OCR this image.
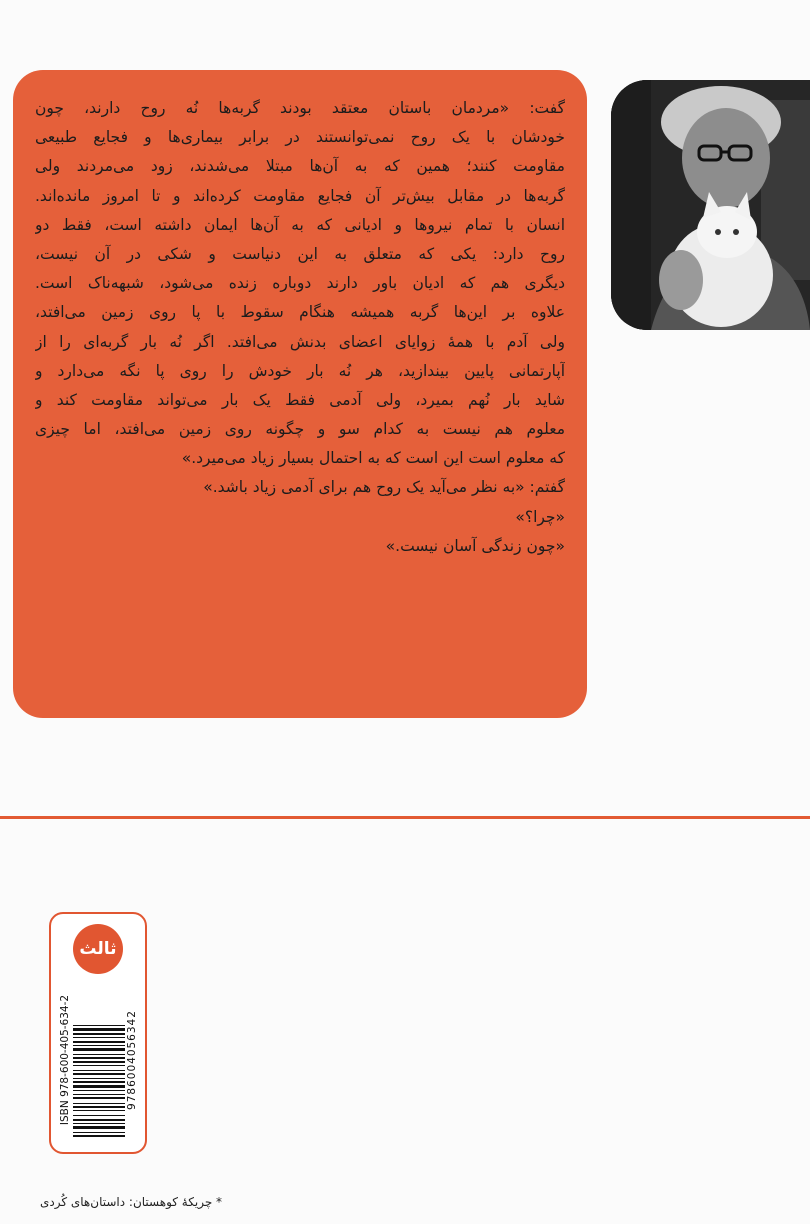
گفت: «مردمان باستان معتقد بودند گربه‌ها نُه روح دارند، چون
خودشان با یک روح نمی‌توانستند در برابر بیماری‌ها و فجایع طبیعی
مقاومت کنند؛ همین که به آن‌ها مبتلا می‌شدند، زود می‌مردند ولی
گربه‌ها در مقابل بیش‌تر آن فجایع مقاومت کرده‌اند و تا امروز مانده‌اند.
انسان با تمام نیروها و ادیانی که به آن‌ها ایمان داشته است، فقط دو
روح دارد: یکی که متعلق به این دنیاست و شکی در آن نیست،
دیگری هم که ادیان باور دارند دوباره زنده می‌شود، شبهه‌ناک است.
علاوه بر این‌ها گربه همیشه هنگام سقوط با پا روی زمین می‌افتد،
ولی آدم با همهٔ زوایای اعضای بدنش می‌افتد. اگر نُه بار گربه‌ای را از
آپارتمانی پایین بیندازید، هر نُه بار خودش را روی پا نگه می‌دارد و
شاید بار نُهم بمیرد، ولی آدمی فقط یک بار می‌تواند مقاومت کند و
معلوم هم نیست به کدام سو و چگونه روی زمین می‌افتد، اما چیزی
که معلوم است این است که به احتمال بسیار زیاد می‌میرد.»
گفتم: «به نظر می‌آید یک روح هم برای آدمی زیاد باشد.»
«چرا؟»
«چون زندگی آسان نیست.»
ثالث
ISBN 978-600-405-634-2	9786004056342
* چریکهٔ کوهستان: داستان‌های کُردی
